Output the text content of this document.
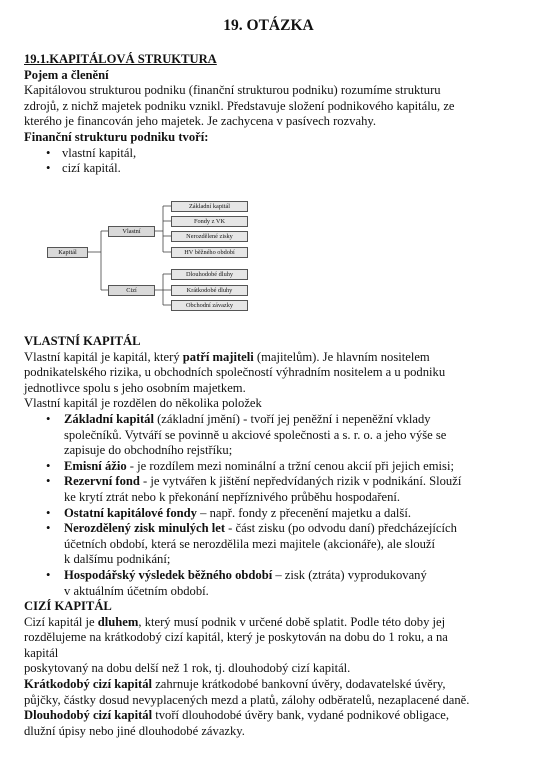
19. OTÁZKA

19.1.KAPITÁLOVÁ STRUKTURA

Pojem a členění

Kapitálovou strukturou podniku (finanční strukturou podniku) rozumíme strukturu

zdrojů, z nichž majetek podniku vznikl. Představuje složení podnikového kapitálu, ze

kterého je financován jeho majetek. Je zachycena v pasívech rozvahy.

Finanční strukturu podniku tvoří:

• vlastní kapitál,
• cizí kapitál.
Kapitál
Vlastní
Cizí
Základní kapitál
Fondy z VK
Nerozdělené zisky
HV běžného období
Dlouhodobé dluhy
Krátkodobé dluhy
Obchodní závazky

VLASTNÍ KAPITÁL

Vlastní kapitál je kapitál, který patří majiteli (majitelům). Je hlavním nositelem

podnikatelského rizika, u obchodních společností výhradním nositelem a u podniku

jednotlivce spolu s jeho osobním majetkem.

Vlastní kapitál je rozdělen do několika položek

• Základní kapitál (základní jmění) - tvoří jej peněžní i nepeněžní vklady
společníků. Vytváří se povinně u akciové společnosti a s. r. o. a jeho výše se
zapisuje do obchodního rejstříku;
• Emisní ážio - je rozdílem mezi nominální a tržní cenou akcií při jejich emisi;
• Rezervní fond - je vytvářen k jištění nepředvídaných rizik v podnikání. Slouží
ke krytí ztrát nebo k překonání nepříznivého průběhu hospodaření.
• Ostatní kapitálové fondy – např. fondy z přecenění majetku a další.
• Nerozdělený zisk minulých let - část zisku (po odvodu daní) předcházejících
účetních období, která se nerozdělila mezi majitele (akcionáře), ale slouží
k dalšímu podnikání;
• Hospodářský výsledek běžného období – zisk (ztráta) vyprodukovaný
v aktuálním účetním období.

CIZÍ KAPITÁL

Cizí kapitál je dluhem, který musí podnik v určené době splatit. Podle této doby jej

rozdělujeme na krátkodobý cizí kapitál, který je poskytován na dobu do 1 roku, a na

kapitál

poskytovaný na dobu delší než 1 rok, tj. dlouhodobý cizí kapitál.

Krátkodobý cizí kapitál zahrnuje krátkodobé bankovní úvěry, dodavatelské úvěry,

půjčky, částky dosud nevyplacených mezd a platů, zálohy odběratelů, nezaplacené daně.

Dlouhodobý cizí kapitál tvoří dlouhodobé úvěry bank, vydané podnikové obligace,

dlužní úpisy nebo jiné dlouhodobé závazky.
